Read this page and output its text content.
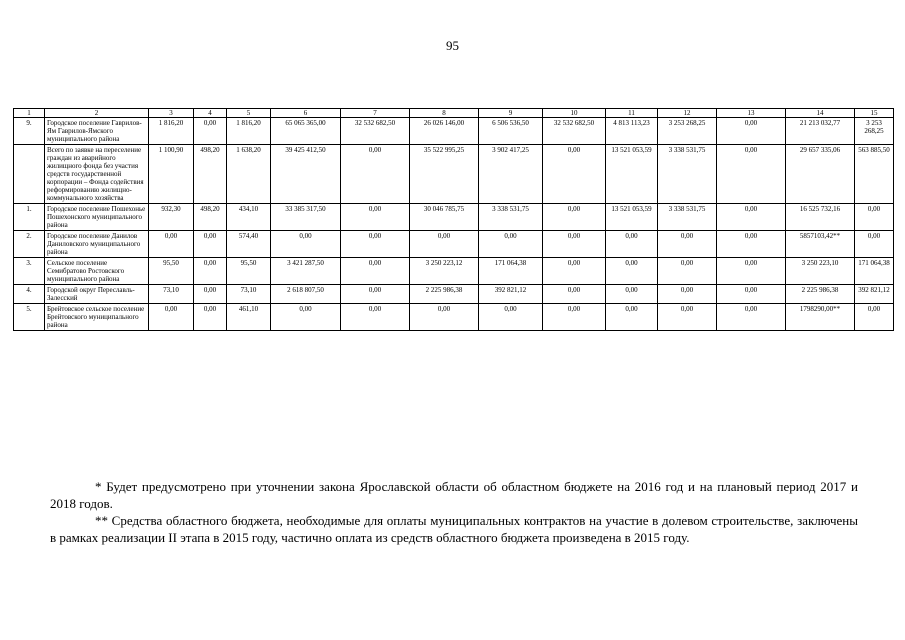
95
1	2	3	4	5	6	7	8	9	10	11	12	13	14	15
9.	Городское поселение Гаврилов-Ям Гаврилов-Ямского муниципального района	1 816,20	0,00	1 816,20	65 065 365,00	32 532 682,50	26 026 146,00	6 506 536,50	32 532 682,50	4 813 113,23	3 253 268,25	0,00	21 213 032,77	3 253 268,25
	Всего по заявке на переселение граждан из аварийного жилищного фонда без участия средств государственной корпорации – Фонда содействия реформированию жилищно-коммунального хозяйства	1 100,90	498,20	1 638,20	39 425 412,50	0,00	35 522 995,25	3 902 417,25	0,00	13 521 053,59	3 338 531,75	0,00	29 657 335,06	563 885,50
1.	Городское поселение Пошехонье Пошехонского муниципального района	932,30	498,20	434,10	33 385 317,50	0,00	30 046 785,75	3 338 531,75	0,00	13 521 053,59	3 338 531,75	0,00	16 525 732,16	0,00
2.	Городское поселение Данилов Даниловского муниципального района	0,00	0,00	574,40	0,00	0,00	0,00	0,00	0,00	0,00	0,00	0,00	5857103,42**	0,00
3.	Сельское поселение Семибратово Ростовского муниципального района	95,50	0,00	95,50	3 421 287,50	0,00	3 250 223,12	171 064,38	0,00	0,00	0,00	0,00	3 250 223,10	171 064,38
4.	Городской округ Переславль-Залесский	73,10	0,00	73,10	2 618 807,50	0,00	2 225 986,38	392 821,12	0,00	0,00	0,00	0,00	2 225 986,38	392 821,12
5.	Брейтовское сельское поселение Брейтовского муниципального района	0,00	0,00	461,10	0,00	0,00	0,00	0,00	0,00	0,00	0,00	0,00	1798290,00**	0,00

* Будет предусмотрено при уточнении закона Ярославской области об областном бюджете на 2016 год и на плановый период 2017 и 2018 годов.

** Средства областного бюджета, необходимые для оплаты муниципальных контрактов на участие в долевом строительстве, заключены в рамках реализации II этапа в 2015 году, частично оплата из средств областного бюджета произведена в 2015 году.
